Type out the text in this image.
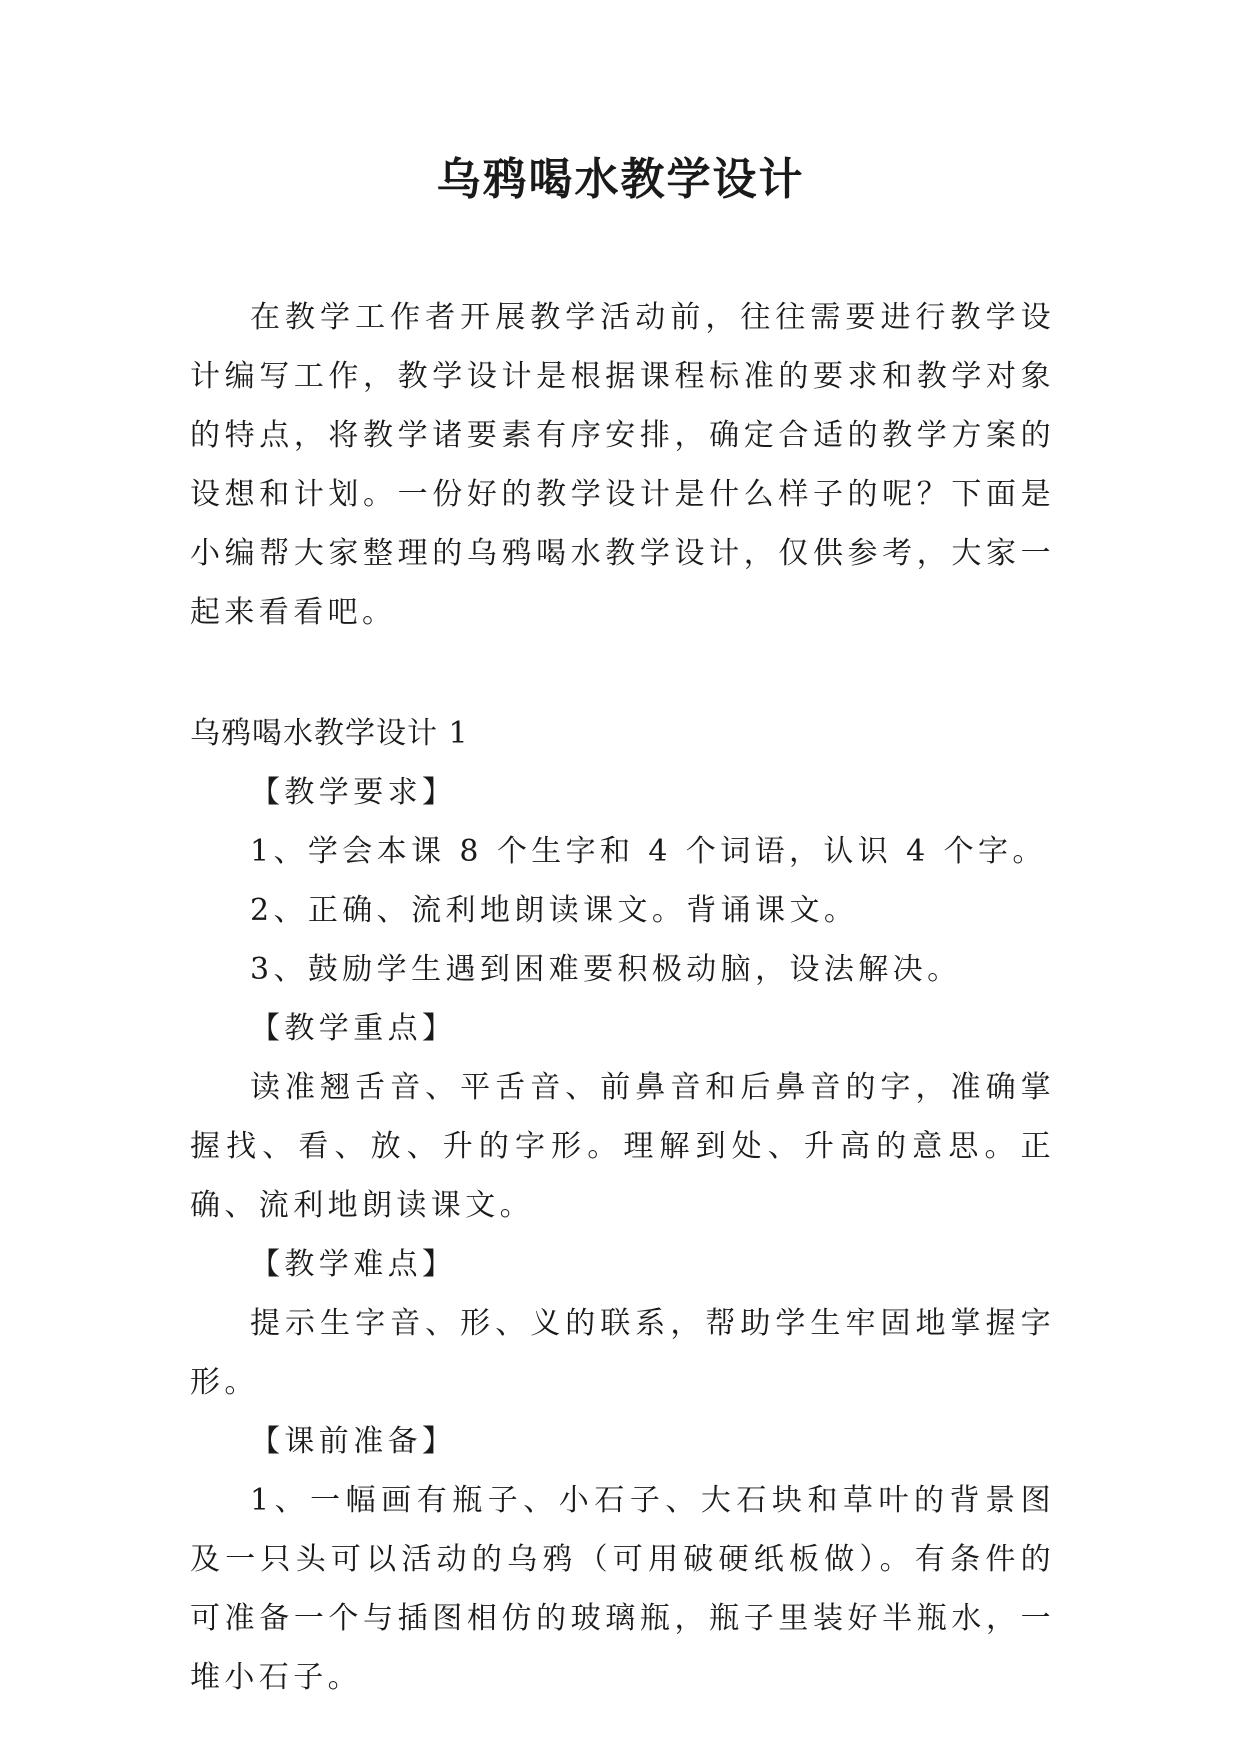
乌鸦喝水教学设计

在教学工作者开展教学活动前，往往需要进行教学设计编写工作，教学设计是根据课程标准的要求和教学对象的特点，将教学诸要素有序安排，确定合适的教学方案的设想和计划。一份好的教学设计是什么样子的呢？下面是小编帮大家整理的乌鸦喝水教学设计，仅供参考，大家一起来看看吧。

乌鸦喝水教学设计 1

【教学要求】

1、学会本课 8 个生字和 4 个词语，认识 4 个字。

2、正确、流利地朗读课文。背诵课文。

3、鼓励学生遇到困难要积极动脑，设法解决。

【教学重点】

读准翘舌音、平舌音、前鼻音和后鼻音的字，准确掌握找、看、放、升的字形。理解到处、升高的意思。正确、流利地朗读课文。

【教学难点】

提示生字音、形、义的联系，帮助学生牢固地掌握字形。

【课前准备】

1、一幅画有瓶子、小石子、大石块和草叶的背景图及一只头可以活动的乌鸦（可用破硬纸板做）。有条件的可准备一个与插图相仿的玻璃瓶，瓶子里装好半瓶水，一堆小石子。
